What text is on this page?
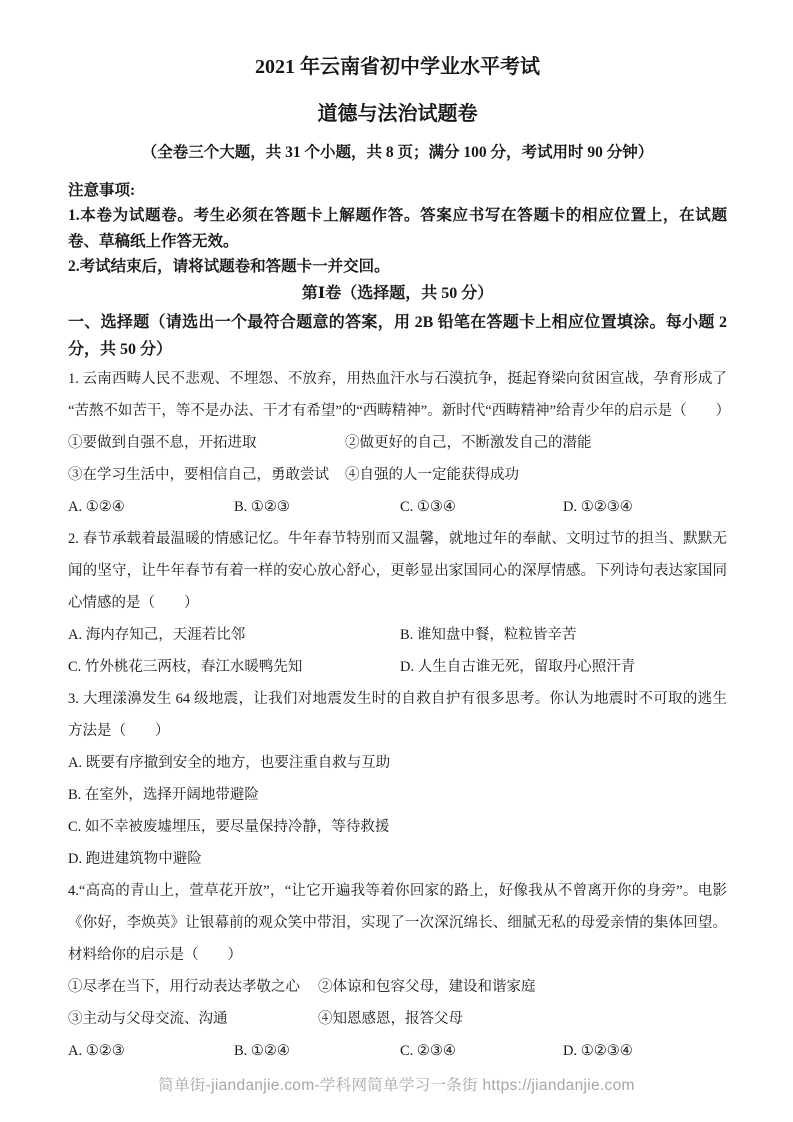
2021 年云南省初中学业水平考试

道德与法治试题卷

（全卷三个大题，共 31 个小题，共 8 页；满分 100 分，考试用时 90 分钟）

注意事项:

1.本卷为试题卷。考生必须在答题卡上解题作答。答案应书写在答题卡的相应位置上，在试题卷、草稿纸上作答无效。

2.考试结束后，请将试题卷和答题卡一并交回。

第Ⅰ卷（选择题，共 50 分）

一、选择题（请选出一个最符合题意的答案，用 2B 铅笔在答题卡上相应位置填涂。每小题 2 分，共 50 分）

1. 云南西畴人民不悲观、不埋怨、不放弃，用热血汗水与石漠抗争，挺起脊梁向贫困宣战，孕育形成了“苦熬不如苦干，等不是办法、干才有希望”的“西畴精神”。新时代“西畴精神”给青少年的启示是（　　）

①要做到自强不息，开拓进取	②做更好的自己，不断激发自己的潜能

③在学习生活中，要相信自己，勇敢尝试	④自强的人一定能获得成功

A. ①②④	B. ①②③	C. ①③④	D. ①②③④

2. 春节承载着最温暖的情感记忆。牛年春节特别而又温馨，就地过年的奉献、文明过节的担当、默默无闻的坚守，让牛年春节有着一样的安心放心舒心，更彰显出家国同心的深厚情感。下列诗句表达家国同心情感的是（　　）

A. 海内存知己，天涯若比邻	B. 谁知盘中餐，粒粒皆辛苦

C. 竹外桃花三两枝，春江水暖鸭先知	D. 人生自古谁无死，留取丹心照汗青

3. 大理漾濞发生 64 级地震，让我们对地震发生时的自救自护有很多思考。你认为地震时不可取的逃生方法是（　　）

A. 既要有序撤到安全的地方，也要注重自救与互助

B. 在室外，选择开阔地带避险

C. 如不幸被废墟埋压，要尽量保持冷静，等待救援

D. 跑进建筑物中避险

4.“高高的青山上，萱草花开放”，“让它开遍我等着你回家的路上，好像我从不曾离开你的身旁”。电影《你好，李焕英》让银幕前的观众笑中带泪，实现了一次深沉绵长、细腻无私的母爱亲情的集体回望。材料给你的启示是（　　）

①尽孝在当下，用行动表达孝敬之心	②体谅和包容父母，建设和谐家庭

③主动与父母交流、沟通	④知恩感恩，报答父母

A. ①②③	B. ①②④	C. ②③④	D. ①②③④

简单街-jiandanjie.com-学科网简单学习一条街 https://jiandanjie.com
